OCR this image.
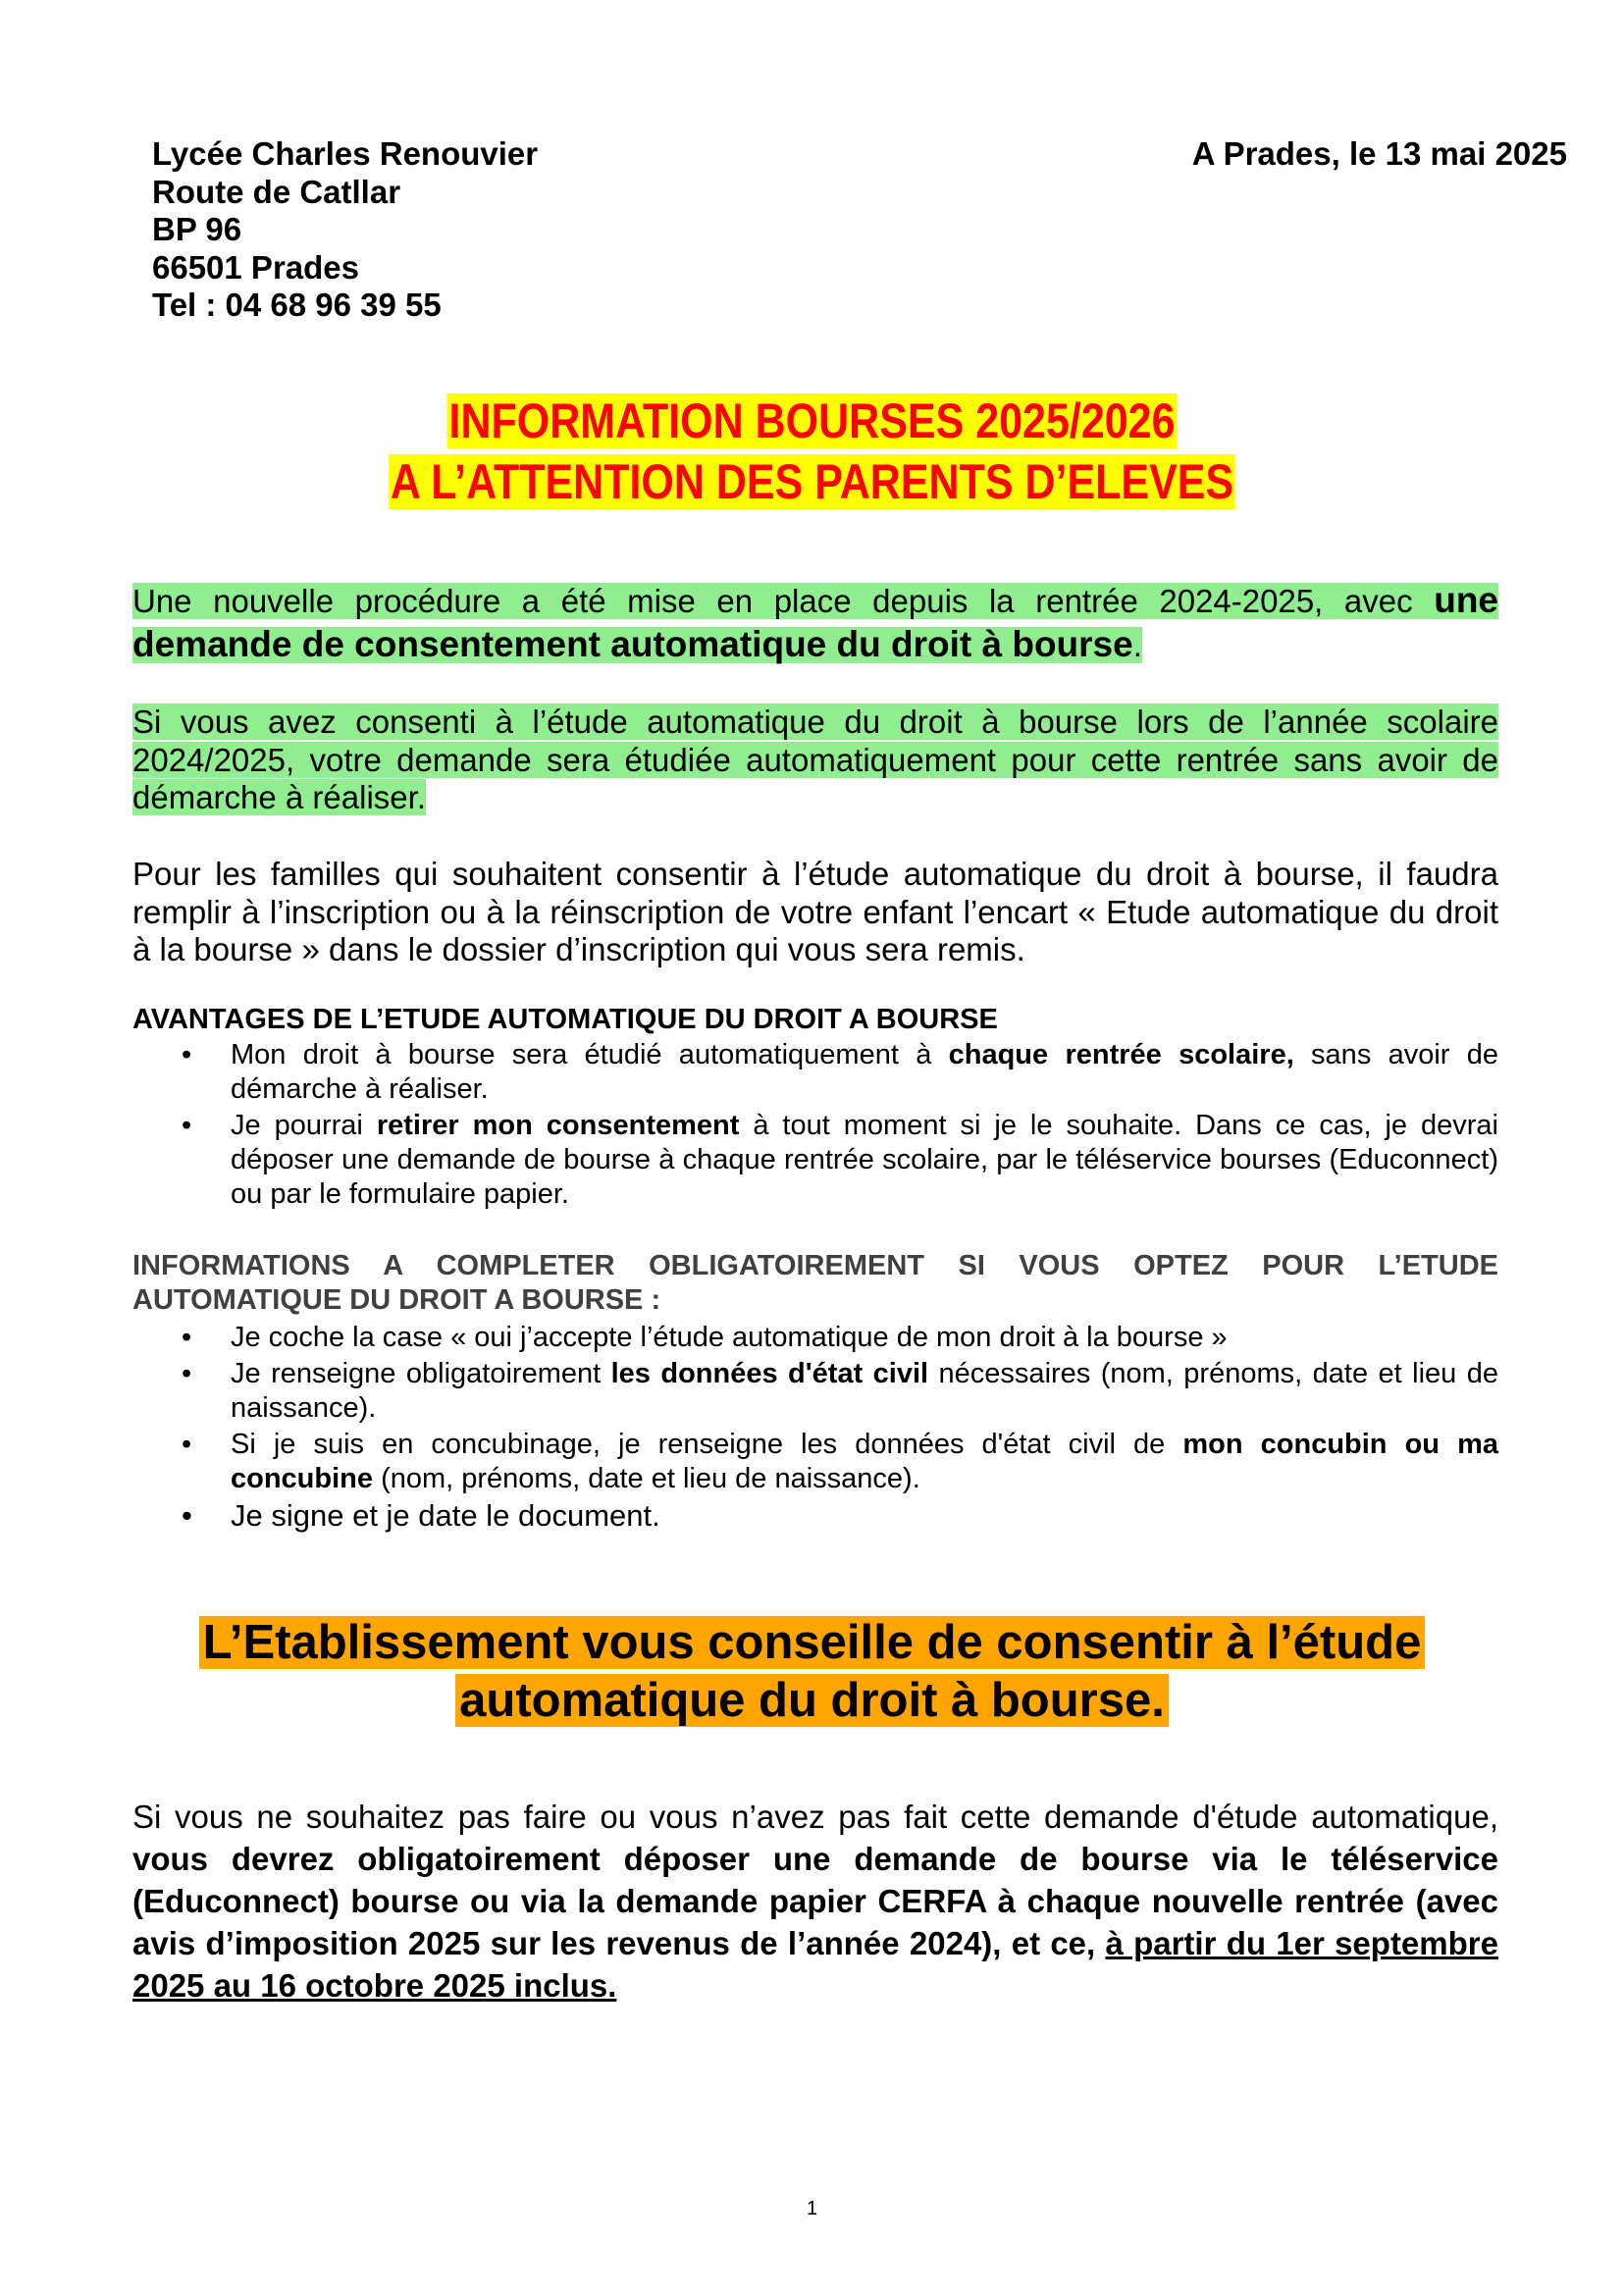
Lycée Charles Renouvier
Route de Catllar
BP 96
66501 Prades
Tel : 04 68 96 39 55
A Prades, le 13 mai 2025
INFORMATION BOURSES 2025/2026
A L’ATTENTION DES PARENTS D’ELEVES
Une nouvelle procédure a été mise en place depuis la rentrée 2024-2025, avec une demande de consentement automatique du droit à bourse.
Si vous avez consenti à l’étude automatique du droit à bourse lors de l’année scolaire 2024/2025, votre demande sera étudiée automatiquement pour cette rentrée sans avoir de démarche à réaliser.
Pour les familles qui souhaitent consentir à l’étude automatique du droit à bourse, il faudra remplir à l’inscription ou à la réinscription de votre enfant l’encart « Etude automatique du droit à la bourse » dans le dossier d’inscription qui vous sera remis.
AVANTAGES DE L’ETUDE AUTOMATIQUE DU DROIT A BOURSE
• Mon droit à bourse sera étudié automatiquement à chaque rentrée scolaire, sans avoir de démarche à réaliser.
• Je pourrai retirer mon consentement à tout moment si je le souhaite. Dans ce cas, je devrai déposer une demande de bourse à chaque rentrée scolaire, par le téléservice bourses (Educonnect) ou par le formulaire papier.
INFORMATIONS A COMPLETER OBLIGATOIREMENT SI VOUS OPTEZ POUR L’ETUDE AUTOMATIQUE DU DROIT A BOURSE :
• Je coche la case « oui j’accepte l’étude automatique de mon droit à la bourse »
• Je renseigne obligatoirement les données d'état civil nécessaires (nom, prénoms, date et lieu de naissance).
• Si je suis en concubinage, je renseigne les données d'état civil de mon concubin ou ma concubine (nom, prénoms, date et lieu de naissance).
• Je signe et je date le document.
L’Etablissement vous conseille de consentir à l’étude
automatique du droit à bourse.
Si vous ne souhaitez pas faire ou vous n’avez pas fait cette demande d'étude automatique, vous devrez obligatoirement déposer une demande de bourse via le téléservice (Educonnect) bourse ou via la demande papier CERFA à chaque nouvelle rentrée (avec avis d’imposition 2025 sur les revenus de l’année 2024), et ce, à partir du 1er septembre 2025 au 16 octobre 2025 inclus.
1
